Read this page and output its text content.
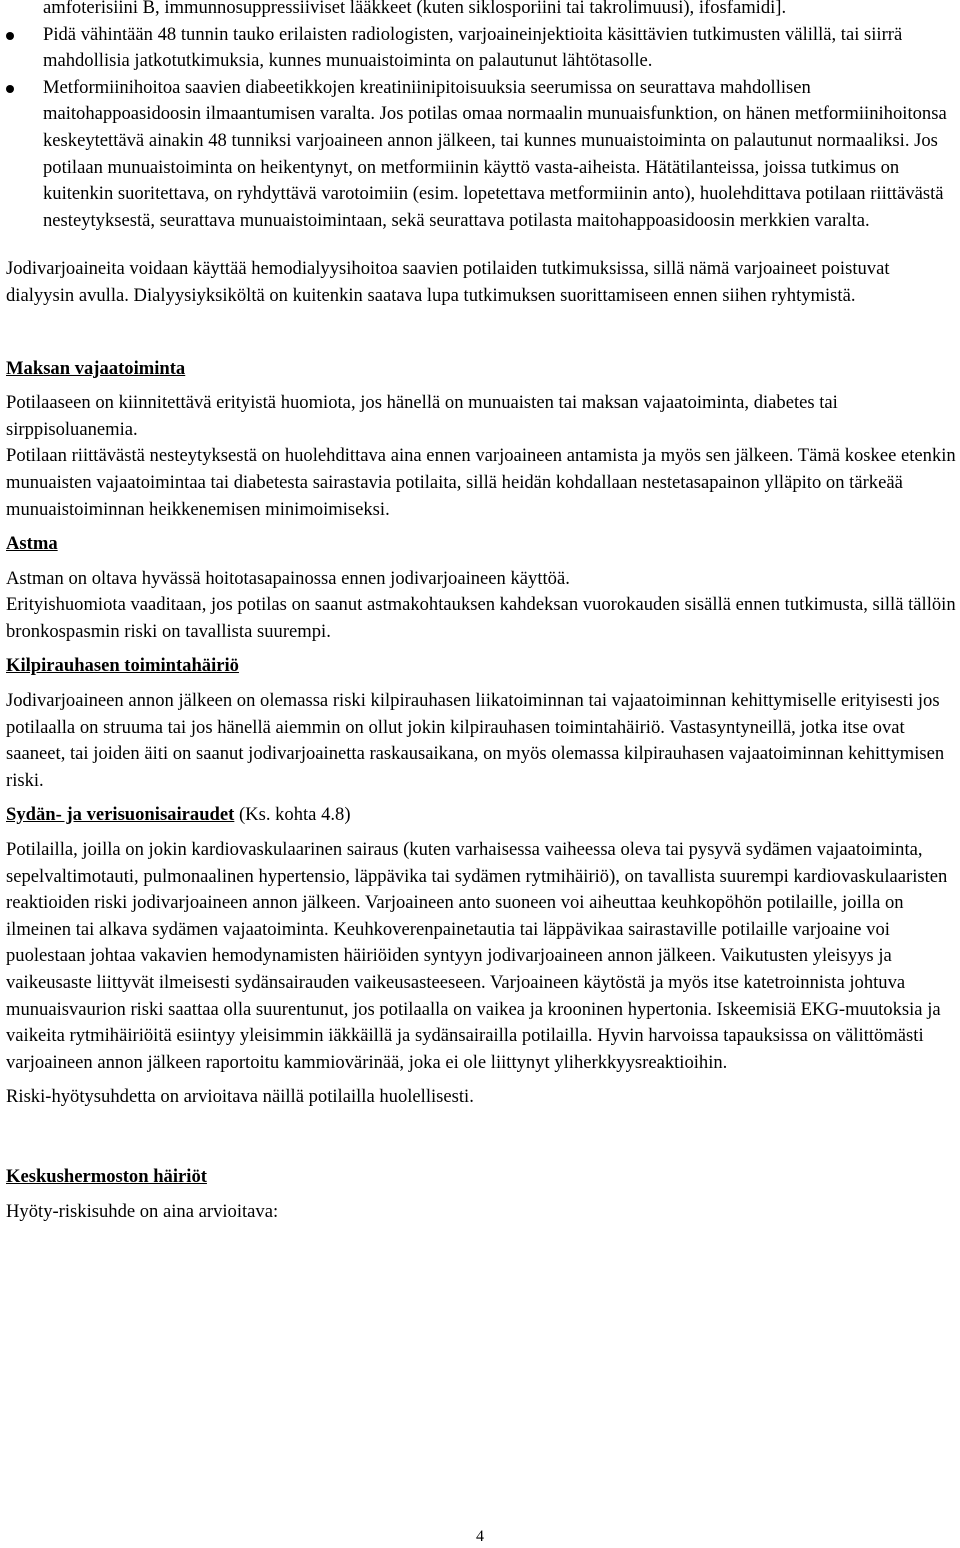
amfoterisiini B, immunnosuppressiiviset lääkkeet (kuten siklosporiini tai takrolimuusi), ifosfamidi].

Pidä vähintään 48 tunnin tauko erilaisten radiologisten, varjoaineinjektioita käsittävien tutkimusten välillä, tai siirrä mahdollisia jatkotutkimuksia, kunnes munuaistoiminta on palautunut lähtötasolle.
Metformiinihoitoa saavien diabeetikkojen kreatiniinipitoisuuksia seerumissa on seurattava mahdollisen maitohappoasidoosin ilmaantumisen varalta. Jos potilas omaa normaalin munuaisfunktion, on hänen metformiinihoitonsa keskeytettävä ainakin 48 tunniksi varjoaineen annon jälkeen, tai kunnes munuaistoiminta on palautunut normaaliksi. Jos potilaan munuaistoiminta on heikentynyt, on metformiinin käyttö vasta-aiheista. Hätätilanteissa, joissa tutkimus on kuitenkin suoritettava, on ryhdyttävä varotoimiin (esim. lopetettava metformiinin anto), huolehdittava potilaan riittävästä nesteytyksestä, seurattava munuaistoimintaan, sekä seurattava potilasta maitohappoasidoosin merkkien varalta.

Jodivarjoaineita voidaan käyttää hemodialyysihoitoa saavien potilaiden tutkimuksissa, sillä nämä varjoaineet poistuvat dialyysin avulla. Dialyysiyksiköltä on kuitenkin saatava lupa tutkimuksen suorittamiseen ennen siihen ryhtymistä.

Maksan vajaatoiminta

Potilaaseen on kiinnitettävä erityistä huomiota, jos hänellä on munuaisten tai maksan vajaatoiminta, diabetes tai sirppisoluanemia.

Potilaan riittävästä nesteytyksestä on huolehdittava aina ennen varjoaineen antamista ja myös sen jälkeen. Tämä koskee etenkin munuaisten vajaatoimintaa tai diabetesta sairastavia potilaita, sillä heidän kohdallaan nestetasapainon ylläpito on tärkeää munuaistoiminnan heikkenemisen minimoimiseksi.

Astma

Astman on oltava hyvässä hoitotasapainossa ennen jodivarjoaineen käyttöä.

Erityishuomiota vaaditaan, jos potilas on saanut astmakohtauksen kahdeksan vuorokauden sisällä ennen tutkimusta, sillä tällöin bronkospasmin riski on tavallista suurempi.

Kilpirauhasen toimintahäiriö

Jodivarjoaineen annon jälkeen on olemassa riski kilpirauhasen liikatoiminnan tai vajaatoiminnan kehittymiselle erityisesti jos potilaalla on struuma tai jos hänellä aiemmin on ollut jokin kilpirauhasen toimintahäiriö. Vastasyntyneillä, jotka itse ovat saaneet, tai joiden äiti on saanut jodivarjoainetta raskausaikana, on myös olemassa kilpirauhasen vajaatoiminnan kehittymisen riski.

Sydän- ja verisuonisairaudet (Ks. kohta 4.8)

Potilailla, joilla on jokin kardiovaskulaarinen sairaus (kuten varhaisessa vaiheessa oleva tai pysyvä sydämen vajaatoiminta, sepelvaltimotauti, pulmonaalinen hypertensio, läppävika tai sydämen rytmihäiriö), on tavallista suurempi kardiovaskulaaristen reaktioiden riski jodivarjoaineen annon jälkeen. Varjoaineen anto suoneen voi aiheuttaa keuhkopöhön potilaille, joilla on ilmeinen tai alkava sydämen vajaatoiminta. Keuhkoverenpainetautia tai läppävikaa sairastaville potilaille varjoaine voi puolestaan johtaa vakavien hemodynamisten häiriöiden syntyyn jodivarjoaineen annon jälkeen. Vaikutusten yleisyys ja vaikeusaste liittyvät ilmeisesti sydänsairauden vaikeusasteeseen. Varjoaineen käytöstä ja myös itse katetroinnista johtuva munuaisvaurion riski saattaa olla suurentunut, jos potilaalla on vaikea ja krooninen hypertonia. Iskeemisiä EKG-muutoksia ja vaikeita rytmihäiriöitä esiintyy yleisimmin iäkkäillä ja sydänsairailla potilailla. Hyvin harvoissa tapauksissa on välittömästi varjoaineen annon jälkeen raportoitu kammiovärinää, joka ei ole liittynyt yliherkkyysreaktioihin.

Riski-hyötysuhdetta on arvioitava näillä potilailla huolellisesti.

Keskushermoston häiriöt

Hyöty-riskisuhde on aina arvioitava:

4
